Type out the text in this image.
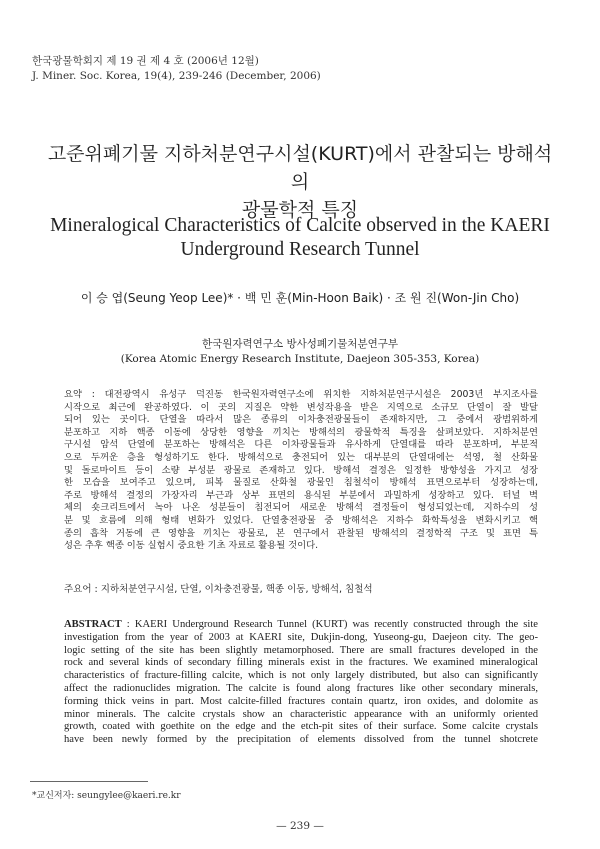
한국광물학회지 제 19 권 제 4 호 (2006년 12월)
J. Miner. Soc. Korea, 19(4), 239-246 (December, 2006)
고준위폐기물 지하처분연구시설(KURT)에서 관찰되는 방해석의
광물학적 특징
Mineralogical Characteristics of Calcite observed in the KAERI
Underground Research Tunnel
이 승 엽(Seung Yeop Lee)* · 백 민 훈(Min-Hoon Baik) · 조 원 진(Won-Jin Cho)
한국원자력연구소 방사성폐기물처분연구부
(Korea Atomic Energy Research Institute, Daejeon 305-353, Korea)
요약 : 대전광역시 유성구 덕진동 한국원자력연구소에 위치한 지하처분연구시설은 2003년 부지조사를
시작으로 최근에 완공하였다. 이 곳의 지질은 약한 변성작용을 받은 지역으로 소규모 단열이 잘 발달
되어 있는 곳이다. 단열을 따라서 많은 종류의 이차충전광물들이 존재하지만, 그 중에서 광범위하게
분포하고 지하 핵종 이동에 상당한 영향을 끼치는 방해석의 광물학적 특징을 살펴보았다. 지하처분연
구시설 암석 단열에 분포하는 방해석은 다른 이차광물들과 유사하게 단열대를 따라 분포하며, 부분적
으로 두꺼운 층을 형성하기도 한다. 방해석으로 충전되어 있는 대부분의 단열대에는 석영, 철 산화물
및 돌로마이트 등이 소량 부성분 광물로 존재하고 있다. 방해석 결정은 일정한 방향성을 가지고 성장
한 모습을 보여주고 있으며, 피복 물질로 산화철 광물인 침철석이 방해석 표면으로부터 성장하는데,
주로 방해석 결정의 가장자리 부근과 상부 표면의 용식된 부분에서 과밀하게 성장하고 있다. 터널 벽
체의 숏크리트에서 녹아 나온 성분들이 침전되어 새로운 방해석 결정들이 형성되었는데, 지하수의 성
분 및 흐름에 의해 형태 변화가 있었다. 단열충전광물 중 방해석은 지하수 화학특성을 변화시키고 핵
종의 흡착 거동에 큰 영향을 끼치는 광물로, 본 연구에서 관찰된 방해석의 결정학적 구조 및 표면 특
성은 추후 핵종 이동 실험시 중요한 기초 자료로 활용될 것이다.
주요어 : 지하처분연구시설, 단열, 이차충전광물, 핵종 이동, 방해석, 침철석
ABSTRACT : KAERI Underground Research Tunnel (KURT) was recently constructed through the site
investigation from the year of 2003 at KAERI site, Dukjin-dong, Yuseong-gu, Daejeon city. The geo-
logic setting of the site has been slightly metamorphosed. There are small fractures developed in the
rock and several kinds of secondary filling minerals exist in the fractures. We examined mineralogical
characteristics of fracture-filling calcite, which is not only largely distributed, but also can significantly
affect the radionuclides migration. The calcite is found along fractures like other secondary minerals,
forming thick veins in part. Most calcite-filled fractures contain quartz, iron oxides, and dolomite as
minor minerals. The calcite crystals show an characteristic appearance with an uniformly oriented
growth, coated with goethite on the edge and the etch-pit sites of their surface. Some calcite crystals
have been newly formed by the precipitation of elements dissolved from the tunnel shotcrete
*교신저자: seungylee@kaeri.re.kr
— 239 —
